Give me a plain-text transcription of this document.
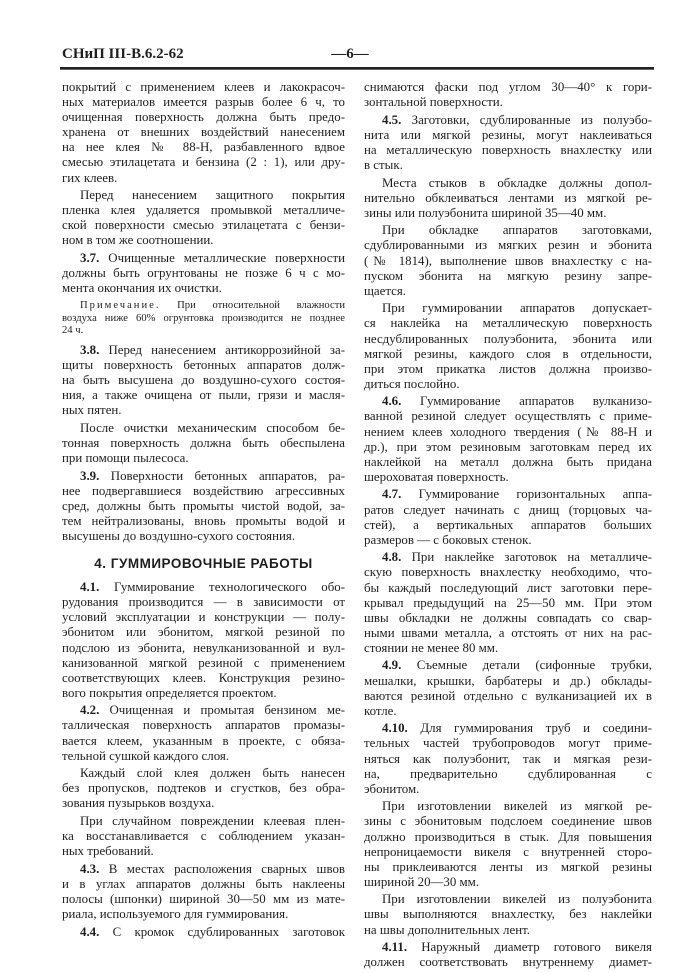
СНиП III-В.6.2-62	—6—
покрытий с применением клеев и лакокрасоч-
ных материалов имеется разрыв более 6 ч, то
очищенная поверхность должна быть предо-
хранена от внешних воздействий нанесением
на нее клея № 88-Н, разбавленного вдвое
смесью этилацетата и бензина (2 : 1), или дру-
гих клеев.
Перед нанесением защитного покрытия
пленка клея удаляется промывкой металличе-
ской поверхности смесью этилацетата с бензи-
ном в том же соотношении.
3.7. Очищенные металлические поверхности
должны быть огрунтованы не позже 6 ч с мо-
мента окончания их очистки.
Примечание. При относительной влажности
воздуха ниже 60% огрунтовка производится не позднее
24 ч.
3.8. Перед нанесением антикоррозийной за-
щиты поверхность бетонных аппаратов долж-
на быть высушена до воздушно-сухого состоя-
ния, а также очищена от пыли, грязи и масля-
ных пятен.
После очистки механическим способом бе-
тонная поверхность должна быть обеспылена
при помощи пылесоса.
3.9. Поверхности бетонных аппаратов, ра-
нее подвергавшиеся воздействию агрессивных
сред, должны быть промыты чистой водой, за-
тем нейтрализованы, вновь промыты водой и
высушены до воздушно-сухого состояния.
4. ГУММИРОВОЧНЫЕ РАБОТЫ
4.1. Гуммирование технологического обо-
рудования производится — в зависимости от
условий эксплуатации и конструкции — полу-
эбонитом или эбонитом, мягкой резиной по
подслою из эбонита, невулканизованной и вул-
канизованной мягкой резиной с применением
соответствующих клеев. Конструкция резино-
вого покрытия определяется проектом.
4.2. Очищенная и промытая бензином ме-
таллическая поверхность аппаратов промазы-
вается клеем, указанным в проекте, с обяза-
тельной сушкой каждого слоя.
Каждый слой клея должен быть нанесен
без пропусков, подтеков и сгустков, без обра-
зования пузырьков воздуха.
При случайном повреждении клеевая плен-
ка восстанавливается с соблюдением указан-
ных требований.
4.3. В местах расположения сварных швов
и в углах аппаратов должны быть наклеены
полосы (шпонки) шириной 30—50 мм из мате-
риала, используемого для гуммирования.
4.4. С кромок сдублированных заготовок
снимаются фаски под углом 30—40° к гори-
зонтальной поверхности.
4.5. Заготовки, сдублированные из полуэбо-
нита или мягкой резины, могут наклеиваться
на металлическую поверхность внахлестку или
в стык.
Места стыков в обкладке должны допол-
нительно обклеиваться лентами из мягкой ре-
зины или полуэбонита шириной 35—40 мм.
При обкладке аппаратов заготовками,
сдублированными из мягких резин и эбонита
(№ 1814), выполнение швов внахлестку с на-
пуском эбонита на мягкую резину запре-
щается.
При гуммировании аппаратов допускает-
ся наклейка на металлическую поверхность
несдублированных полуэбонита, эбонита или
мягкой резины, каждого слоя в отдельности,
при этом прикатка листов должна произво-
диться послойно.
4.6. Гуммирование аппаратов вулканизо-
ванной резиной следует осуществлять с приме-
нением клеев холодного твердения (№ 88-Н и
др.), при этом резиновым заготовкам перед их
наклейкой на металл должна быть придана
шероховатая поверхность.
4.7. Гуммирование горизонтальных аппа-
ратов следует начинать с днищ (торцовых ча-
стей), а вертикальных аппаратов больших
размеров — с боковых стенок.
4.8. При наклейке заготовок на металличе-
скую поверхность внахлестку необходимо, что-
бы каждый последующий лист заготовки пере-
крывал предыдущий на 25—50 мм. При этом
швы обкладки не должны совпадать со свар-
ными швами металла, а отстоять от них на рас-
стоянии не менее 80 мм.
4.9. Съемные детали (сифонные трубки,
мешалки, крышки, барбатеры и др.) обклады-
ваются резиной отдельно с вулканизацией их в
котле.
4.10. Для гуммирования труб и соедини-
тельных частей трубопроводов могут приме-
няться как полуэбонит, так и мягкая рези-
на, предварительно сдублированная с
эбонитом.
При изготовлении викелей из мягкой ре-
зины с эбонитовым подслоем соединение швов
должно производиться в стык. Для повышения
непроницаемости викеля с внутренней сторо-
ны приклеиваются ленты из мягкой резины
шириной 20—30 мм.
При изготовлении викелей из полуэбонита
швы выполняются внахлестку, без наклейки
на швы дополнительных лент.
4.11. Наружный диаметр готового викеля
должен соответствовать внутреннему диамет-
